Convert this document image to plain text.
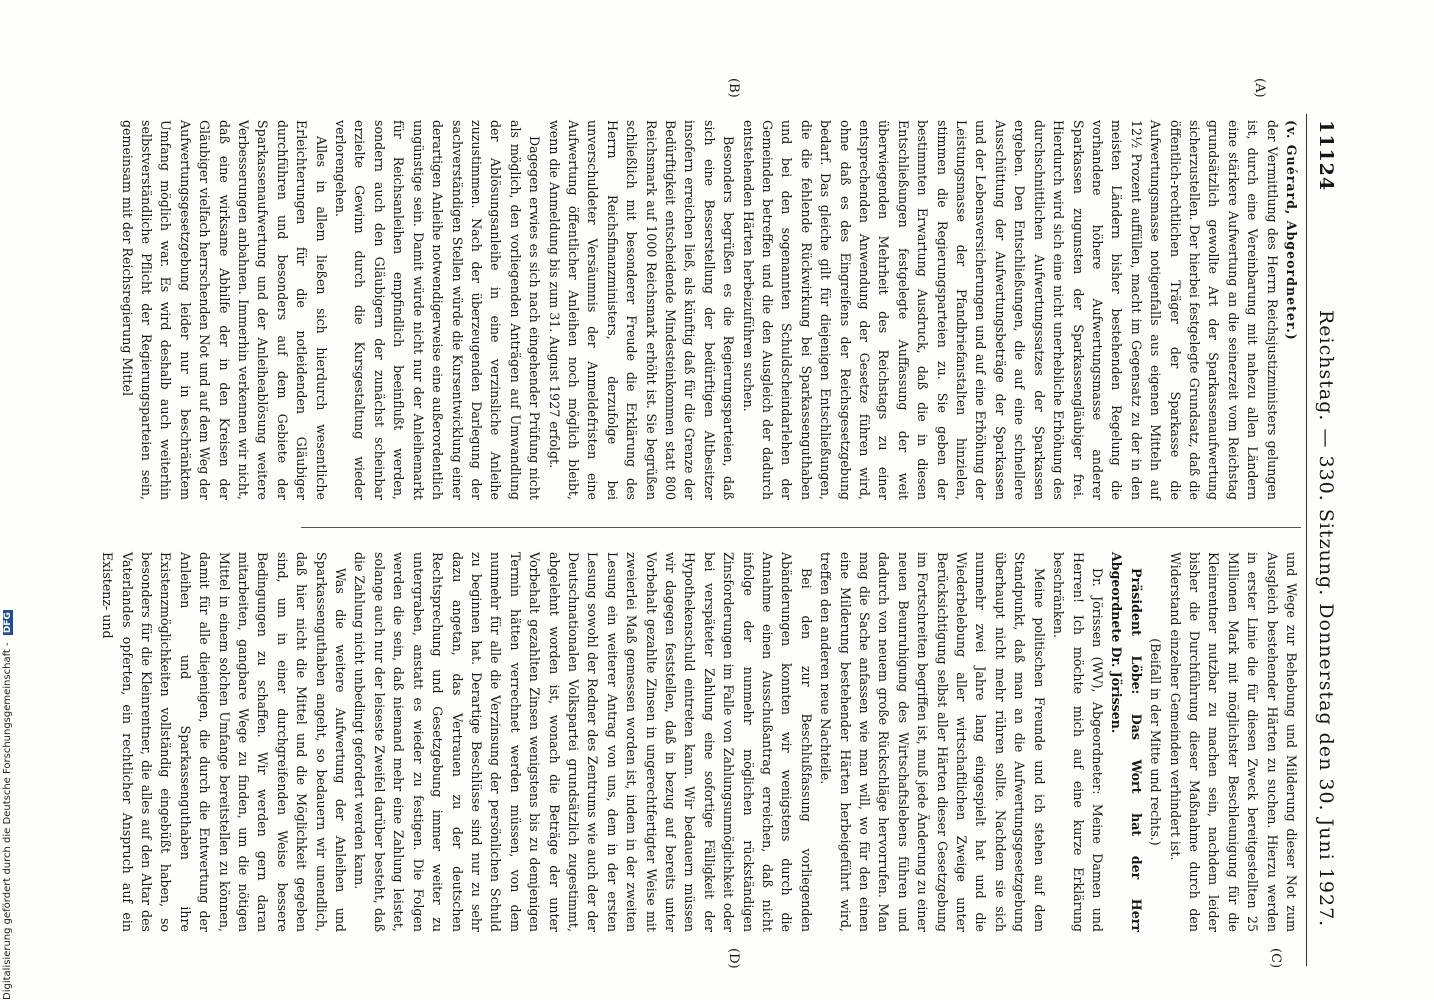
11124
Reichstag. — 330. Sitzung. Donnerstag den 30. Juni 1927.
(A)
(B)
(C)
(D)

(v. Guérard, Abgeordneter.)

der Vermittlung des Herrn Reichsjustizministers gelungen ist, durch eine Vereinbarung mit nahezu allen Ländern eine stärkere Aufwertung an die seinerzeit vom Reichstag grundsätzlich gewollte Art der Sparkassenaufwertung sicherzustellen. Der hierbei festgelegte Grundsatz, daß die öffentlich-rechtlichen Träger der Sparkasse die Aufwertungsmasse notigenfalls aus eigenen Mitteln auf 12½ Prozent auffüllen, macht im Gegensatz zu der in den meisten Ländern bisher bestehenden Regelung die vorhandene höhere Aufwertungsmasse anderer Sparkassen zugunsten der Sparkassengläubiger frei. Hierdurch wird sich eine nicht unerhebliche Erhöhung des durchschnittlichen Aufwertungssatzes der Sparkassen ergeben. Den Entschließungen, die auf eine schnellere Ausschüttung der Aufwertungsbeträge der Sparkassen und der Lebensversicherungen und auf eine Erhöhung der Leistungsmasse der Pfandbriefanstalten hinzielen, stimmen die Regierungsparteien zu. Sie geben der bestimmten Erwartung Ausdruck, daß die in diesen Entschließungen festgelegte Auffassung der weit überwiegenden Mehrheit des Reichstags zu einer entsprechenden Anwendung der Gesetze führen wird, ohne daß es des Eingreifens der Reichsgesetzgebung bedarf. Das gleiche gilt für diejenigen Entschließungen, die die fehlende Rückwirkung bei Sparkassenguthaben und bei den sogenannten Schuldscheindarlehen der Gemeinden betreffen und die den Ausgleich der dadurch entstehenden Härten herbeizuführen suchen.

Besonders begrüßen es die Regierungsparteien, daß sich eine Besserstellung der bedürftigen Altbesitzer insofern erreichen ließ, als künftig daß für die Grenze der Bedürftigkeit entscheidende Mindesteinkommen statt 800 Reichsmark auf 1000 Reichsmark erhöht ist. Sie begrüßen schließlich mit besonderer Freude die Erklärung des Herrn Reichsfinanzministers, derzufolge bei unverschuldeter Versäumnis der Anmeldefristen eine Aufwertung öffentlicher Anleihen noch möglich bleibt, wenn die Anmeldung bis zum 31. August 1927 erfolgt.

Dagegen erwies es sich nach eingehender Prüfung nicht als möglich, den vorliegenden Anträgen auf Umwandlung der Ablösungsanleihe in eine verzinsliche Anleihe zuzustimmen. Nach der überzeugenden Darlegung der sachverständigen Stellen würde die Kursentwicklung einer derartigen Anleihe notwendigerweise eine außerordentlich ungünstige sein. Damit würde nicht nur der Anleihemarkt für Reichsanleihen empfindlich beeinflußt werden, sondern auch den Gläubigern der zunächst scheinbar erzielte Gewinn durch die Kursgestaltung wieder verlorengehen.

Alles in allem ließen sich hierdurch wesentliche Erleichterungen für die notleidenden Gläubiger durchführen und besonders auf dem Gebiete der Sparkassenaufwertung und der Anleiheablösung weitere Verbesserungen anbahnen. Immerhin verkennen wir nicht, daß eine wirksame Abhilfe der in den Kreisen der Gläubiger vielfach herrschenden Not und auf dem Weg der Aufwertungsgesetzgebung leider nur in beschränktem Umfang möglich war. Es wird deshalb auch weiterhin selbstverständliche Pflicht der Regierungsparteien sein, gemeinsam mit der Reichsregierung Mittel

und Wege zur Behebung und Milderung dieser Not zum Ausgleich bestehender Härten zu suchen. Hierzu werden in erster Linie die für diesen Zweck bereitgestellten 25 Millionen Mark mit möglichster Beschleunigung für die Kleinrentner nutzbar zu machen sein, nachdem leider bisher die Durchführung dieser Maßnahme durch den Widerstand einzelner Gemeinden verhindert ist.

(Beifall in der Mitte und rechts.)

Präsident Löbe: Das Wort hat der Herr Abgeordnete Dr. Jörissen.

Dr. Jörissen (WV), Abgeordneter: Meine Damen und Herren! Ich möchte mich auf eine kurze Erklärung beschränken.

Meine politischen Freunde und ich stehen auf dem Standpunkt, daß man an die Aufwertungsgesetzgebung überhaupt nicht mehr rühren sollte. Nachdem sie sich nunmehr zwei Jahre lang eingespielt hat und die Wiederbelebung aller wirtschaftlichen Zweige unter Berücksichtigung selbst aller Härten dieser Gesetzgebung im Fortschreiten begriffen ist, muß jede Änderung zu einer neuen Beunruhigung des Wirtschaftslebens führen und dadurch von neuem große Rückschläge hervorrufen. Man mag die Sache anfassen wie man will, wo für den einen eine Milderung bestehender Härten herbeigeführt wird, treffen den anderen neue Nachteile.

Bei den zur Beschlußfassung vorliegenden Abänderungen konnten wir wenigstens durch die Annahme einen Ausschußantrag erreichen, daß nicht infolge der nunmehr möglichen rückständigen Zinsforderungen im Falle von Zahlungsunmöglichkeit oder bei verspäteter Zahlung eine sofortige Fälligkeit der Hypothekenschuld eintreten kann. Wir bedauern müssen wir dagegen feststellen, daß in bezug auf bereits unter Vorbehalt gezahlte Zinsen in ungerechtfertigter Weise mit zweierlei Maß gemessen worden ist, indem in der zweiten Lesung ein weiterer Antrag von uns, dem in der ersten Lesung sowohl der Redner des Zentrums wie auch der der Deutschnationalen Volkspartei grundsätzlich zugestimmt, abgelehnt worden ist, wonach die Beträge der unter Vorbehalt gezahlten Zinsen wenigstens bis zu demjenigen Termin hätten verrechnet werden müssen, von dem nunmehr für alle die Verzinsung der persönlichen Schuld zu beginnen hat. Derartige Beschlüsse sind nur zu sehr dazu angetan, das Vertrauen zu der deutschen Rechtsprechung und Gesetzgebung immer weiter zu untergraben, anstatt es wieder zu festigen. Die Folgen werden die sein, daß niemand mehr eine Zahlung leistet, solange auch nur der leiseste Zweifel darüber besteht, daß die Zahlung nicht unbedingt gefordert werden kann.

Was die weitere Aufwertung der Anleihen und Sparkassenguthaben angeht, so bedauern wir unendlich, daß hier nicht die Mittel und die Möglichkeit gegeben sind, um in einer durchgreifenden Weise bessere Bedingungen zu schaffen. Wir werden gern daran mitarbeiten, gangbare Wege zu finden, um die nötigen Mittel in einem solchen Umfange bereitstellen zu können, damit für alle diejenigen, die durch die Entwertung der Anleihen und Sparkassenguthaben ihre Existenzmöglichkeiten vollständig eingebüßt haben, so besonders für die Kleinrentner, die alles auf den Altar des Vaterlandes opferten, ein rechtlicher Anspruch auf ein Existenz- und

Digitalisierung gefördert durch die Deutsche Forschungsgemeinschaft - DFG
